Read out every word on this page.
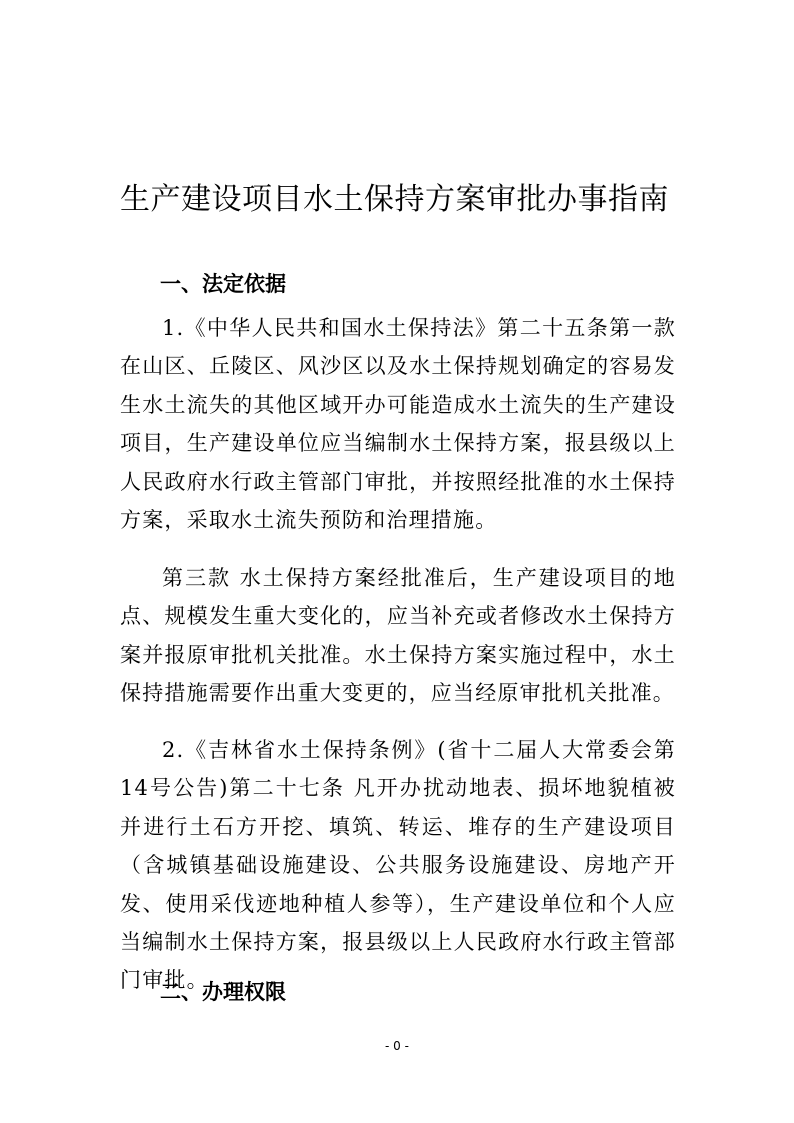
生产建设项目水土保持方案审批办事指南
一、法定依据
1.《中华人民共和国水土保持法》第二十五条第一款 在山区、丘陵区、风沙区以及水土保持规划确定的容易发生水土流失的其他区域开办可能造成水土流失的生产建设项目，生产建设单位应当编制水土保持方案，报县级以上人民政府水行政主管部门审批，并按照经批准的水土保持方案，采取水土流失预防和治理措施。
第三款 水土保持方案经批准后，生产建设项目的地点、规模发生重大变化的，应当补充或者修改水土保持方案并报原审批机关批准。水土保持方案实施过程中，水土保持措施需要作出重大变更的，应当经原审批机关批准。
2.《吉林省水土保持条例》(省十二届人大常委会第14号公告)第二十七条 凡开办扰动地表、损坏地貌植被并进行土石方开挖、填筑、转运、堆存的生产建设项目（含城镇基础设施建设、公共服务设施建设、房地产开发、使用采伐迹地种植人参等），生产建设单位和个人应当编制水土保持方案，报县级以上人民政府水行政主管部门审批。
二、办理权限
- 0 -
